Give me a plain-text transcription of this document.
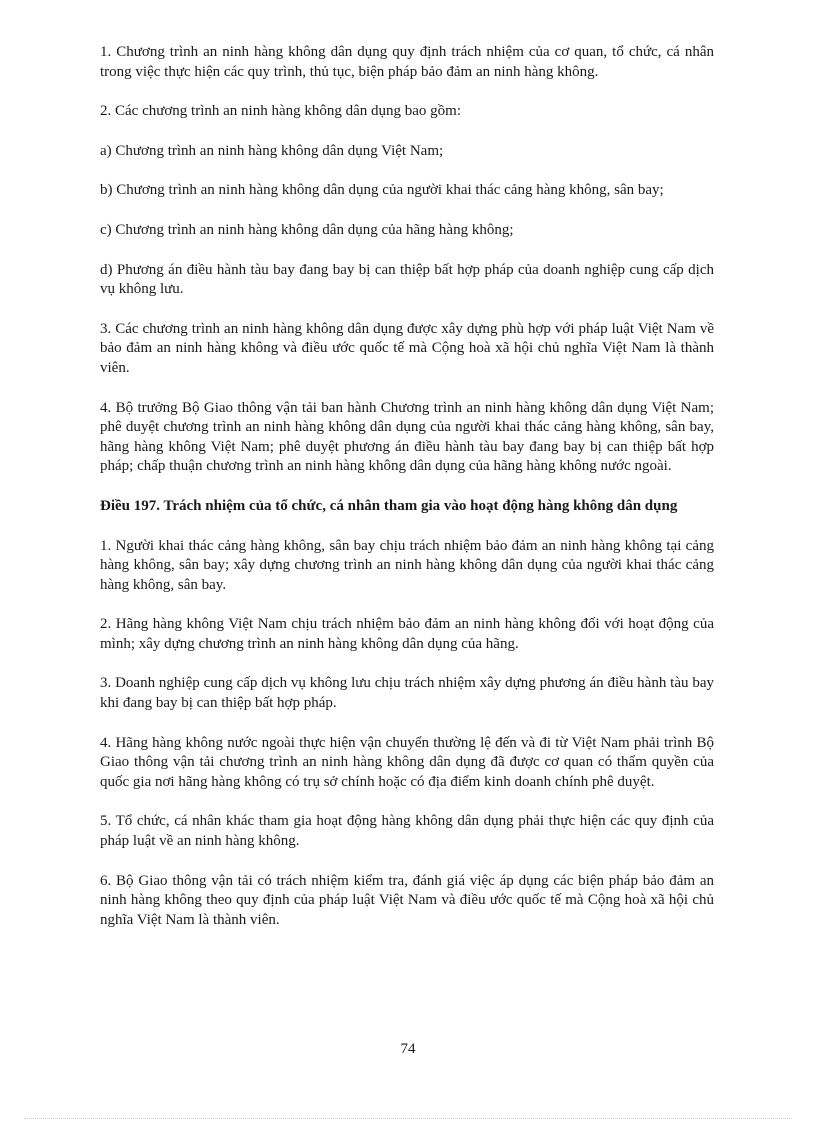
1. Chương trình an ninh hàng không dân dụng quy định trách nhiệm của cơ quan, tổ chức, cá nhân trong việc thực hiện các quy trình, thủ tục, biện pháp bảo đảm an ninh hàng không.

2. Các chương trình an ninh hàng không dân dụng bao gồm:

a) Chương trình an ninh hàng không dân dụng Việt Nam;

b) Chương trình an ninh hàng không dân dụng của người khai thác cảng hàng không, sân bay;

c) Chương trình an ninh hàng không dân dụng của hãng hàng không;

d) Phương án điều hành tàu bay đang bay bị can thiệp bất hợp pháp của doanh nghiệp cung cấp dịch vụ không lưu.

3. Các chương trình an ninh hàng không dân dụng được xây dựng phù hợp với pháp luật Việt Nam về bảo đảm an ninh hàng không và điều ước quốc tế mà Cộng hoà xã hội chủ nghĩa Việt Nam là thành viên.

4. Bộ trưởng Bộ Giao thông vận tải ban hành Chương trình an ninh hàng không dân dụng Việt Nam; phê duyệt chương trình an ninh hàng không dân dụng của người khai thác cảng hàng không, sân bay, hãng hàng không Việt Nam; phê duyệt phương án điều hành tàu bay đang bay bị can thiệp bất hợp pháp; chấp thuận chương trình an ninh hàng không dân dụng của hãng hàng không nước ngoài.

Điều 197. Trách nhiệm của tổ chức, cá nhân tham gia vào hoạt động hàng không dân dụng

1. Người khai thác cảng hàng không, sân bay chịu trách nhiệm bảo đảm an ninh hàng không tại cảng hàng không, sân bay; xây dựng chương trình an ninh hàng không dân dụng của người khai thác cảng hàng không, sân bay.

2. Hãng hàng không Việt Nam chịu trách nhiệm bảo đảm an ninh hàng không đối với hoạt động của mình; xây dựng chương trình an ninh hàng không dân dụng của hãng.

3. Doanh nghiệp cung cấp dịch vụ không lưu chịu trách nhiệm xây dựng phương án điều hành tàu bay khi đang bay bị can thiệp bất hợp pháp.

4. Hãng hàng không nước ngoài thực hiện vận chuyển thường lệ đến và đi từ Việt Nam phải trình Bộ Giao thông vận tải chương trình an ninh hàng không dân dụng đã được cơ quan có thẩm quyền của quốc gia nơi hãng hàng không có trụ sở chính hoặc có địa điểm kinh doanh chính phê duyệt.

5. Tổ chức, cá nhân khác tham gia hoạt động hàng không dân dụng phải thực hiện các quy định của pháp luật về an ninh hàng không.

6. Bộ Giao thông vận tải có trách nhiệm kiểm tra, đánh giá việc áp dụng các biện pháp bảo đảm an ninh hàng không theo quy định của pháp luật Việt Nam và điều ước quốc tế mà Cộng hoà xã hội chủ nghĩa Việt Nam là thành viên.

74
